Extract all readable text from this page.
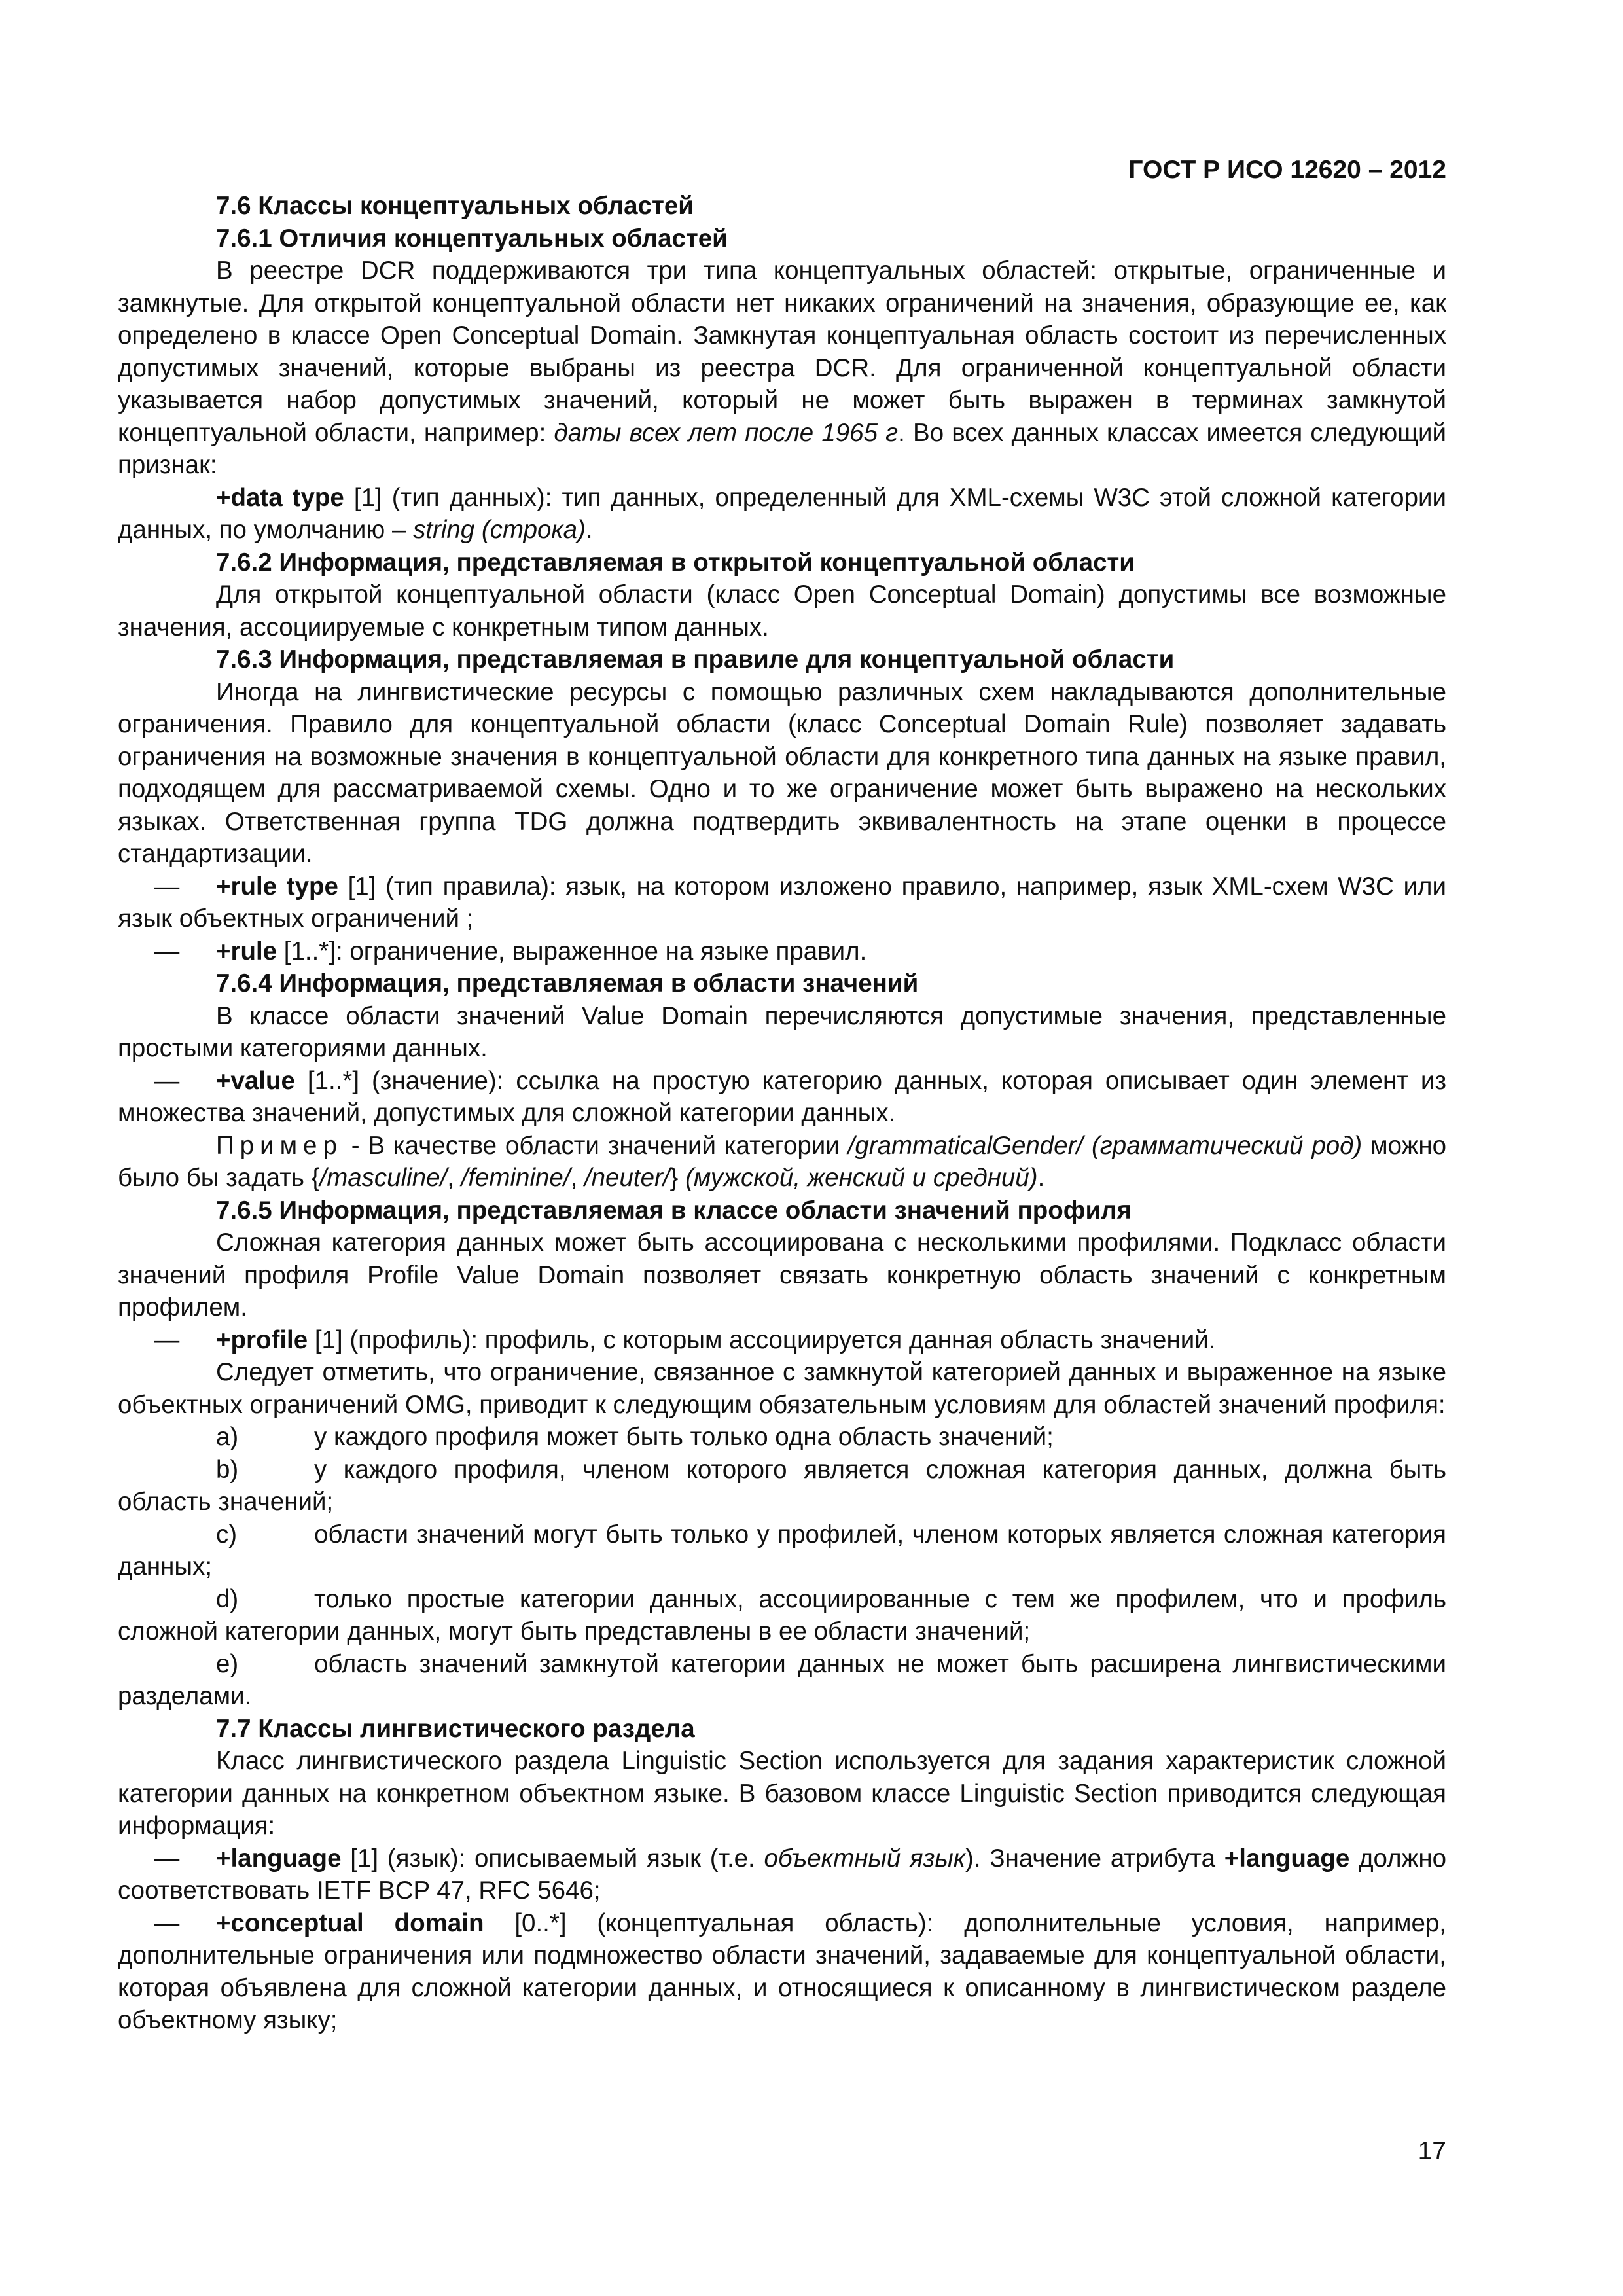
ГОСТ Р ИСО 12620 – 2012
7.6 Классы концептуальных областей
7.6.1 Отличия концептуальных областей

В реестре DCR поддерживаются три типа концептуальных областей: открытые, ограниченные и замкнутые. Для открытой концептуальной области нет никаких ограничений на значения, образующие ее, как определено в классе Open Conceptual Domain. Замкнутая концептуальная область состоит из перечисленных допустимых значений, которые выбраны из реестра DCR. Для ограниченной концептуальной области указывается набор допустимых значений, который не может быть выражен в терминах замкнутой концептуальной области, например: даты всех лет после 1965 г. Во всех данных классах имеется следующий признак:

+data type [1] (тип данных): тип данных, определенный для XML-схемы W3C этой сложной категории данных, по умолчанию – string (строка).

7.6.2 Информация, представляемая в открытой концептуальной области

Для открытой концептуальной области (класс Open Conceptual Domain) допустимы все возможные значения, ассоциируемые с конкретным типом данных.

7.6.3 Информация, представляемая в правиле для концептуальной области

Иногда на лингвистические ресурсы с помощью различных схем накладываются дополнительные ограничения. Правило для концептуальной области (класс Conceptual Domain Rule) позволяет задавать ограничения на возможные значения в концептуальной области для конкретного типа данных на языке правил, подходящем для рассматриваемой схемы. Одно и то же ограничение может быть выражено на нескольких языках. Ответственная группа TDG должна подтвердить эквивалентность на этапе оценки в процессе стандартизации.

— +rule type [1] (тип правила): язык, на котором изложено правило, например, язык XML-схем W3C или язык объектных ограничений ;

— +rule [1..*]: ограничение, выраженное на языке правил.

7.6.4 Информация, представляемая в области значений

В классе области значений Value Domain перечисляются допустимые значения, представленные простыми категориями данных.

— +value [1..*] (значение): ссылка на простую категорию данных, которая описывает один элемент из множества значений, допустимых для сложной категории данных.

Пример - В качестве области значений категории /grammaticalGender/ (грамматический род) можно было бы задать {/masculine/, /feminine/, /neuter/} (мужской, женский и средний).

7.6.5 Информация, представляемая в классе области значений профиля

Сложная категория данных может быть ассоциирована с несколькими профилями. Подкласс области значений профиля Profile Value Domain позволяет связать конкретную область значений с конкретным профилем.

— +profile [1] (профиль): профиль, с которым ассоциируется данная область значений.

Следует отметить, что ограничение, связанное с замкнутой категорией данных и выраженное на языке объектных ограничений OMG, приводит к следующим обязательным условиям для областей значений профиля:

a)	у каждого профиля может быть только одна область значений;

b)	у каждого профиля, членом которого является сложная категория данных, должна быть область значений;

c)	области значений могут быть только у профилей, членом которых является сложная категория данных;

d)	только простые категории данных, ассоциированные с тем же профилем, что и профиль сложной категории данных, могут быть представлены в ее области значений;

e)	область значений замкнутой категории данных не может быть расширена лингвистическими разделами.

7.7 Классы лингвистического раздела

Класс лингвистического раздела Linguistic Section используется для задания характеристик сложной категории данных на конкретном объектном языке. В базовом классе Linguistic Section приводится следующая информация:

— +language [1] (язык): описываемый язык (т.е. объектный язык). Значение атрибута +language должно соответствовать IETF BCP 47, RFC 5646;

— +conceptual domain [0..*] (концептуальная область): дополнительные условия, например, дополнительные ограничения или подмножество области значений, задаваемые для концептуальной области, которая объявлена для сложной категории данных, и относящиеся к описанному в лингвистическом разделе объектному языку;

17
